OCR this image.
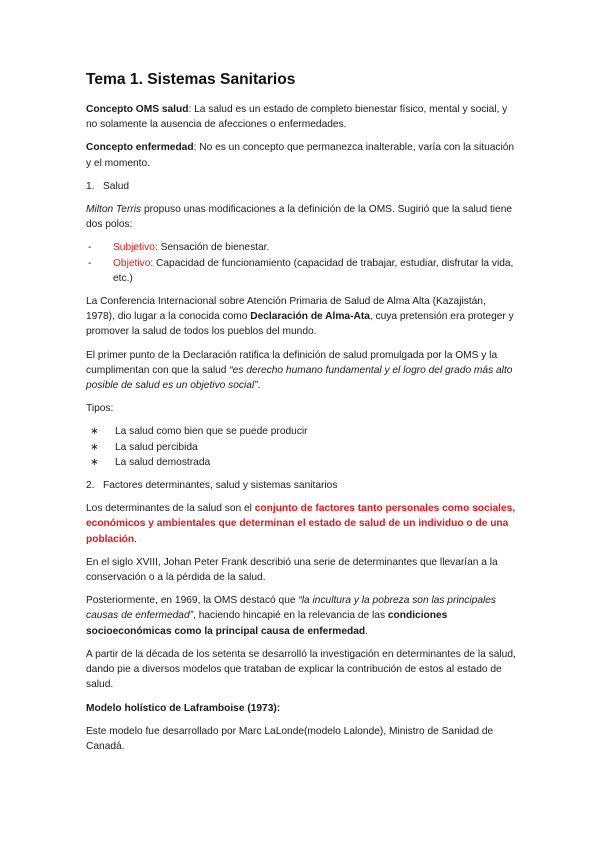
Tema 1. Sistemas Sanitarios

Concepto OMS salud: La salud es un estado de completo bienestar físico, mental y social, y no solamente la ausencia de afecciones o enfermedades.

Concepto enfermedad: No es un concepto que permanezca inalterable, varía con la situación y el momento.

1. Salud

Milton Terris propuso unas modificaciones a la definición de la OMS. Sugirió que la salud tiene dos polos:

-	Subjetivo: Sensación de bienestar.
-	Objetivo: Capacidad de funcionamiento (capacidad de trabajar, estudiar, disfrutar la vida, etc.)

La Conferencia Internacional sobre Atención Primaria de Salud de Alma Alta (Kazajistán, 1978), dio lugar a la conocida como Declaración de Alma-Ata, cuya pretensión era proteger y promover la salud de todos los pueblos del mundo.

El primer punto de la Declaración ratifica la definición de salud promulgada por la OMS y la cumplimentan con que la salud “es derecho humano fundamental y el logro del grado más alto posible de salud es un objetivo social”.

Tipos:

∗	La salud como bien que se puede producir
∗	La salud percibida
∗	La salud demostrada
2. Factores determinantes, salud y sistemas sanitarios

Los determinantes de la salud son el conjunto de factores tanto personales como sociales, económicos y ambientales que determinan el estado de salud de un individuo o de una población.

En el siglo XVIII, Johan Peter Frank describió una serie de determinantes que llevarían a la conservación o a la pérdida de la salud.

Posteriormente, en 1969, la OMS destacó que “la incultura y la pobreza son las principales causas de enfermedad”, haciendo hincapié en la relevancia de las condiciones socioeconómicas como la principal causa de enfermedad.

A partir de la década de los setenta se desarrolló la investigación en determinantes de la salud, dando pie a diversos modelos que trataban de explicar la contribución de estos al estado de salud.

Modelo holístico de Laframboise (1973):

Este modelo fue desarrollado por Marc LaLonde(modelo Lalonde), Ministro de Sanidad de Canadá.
